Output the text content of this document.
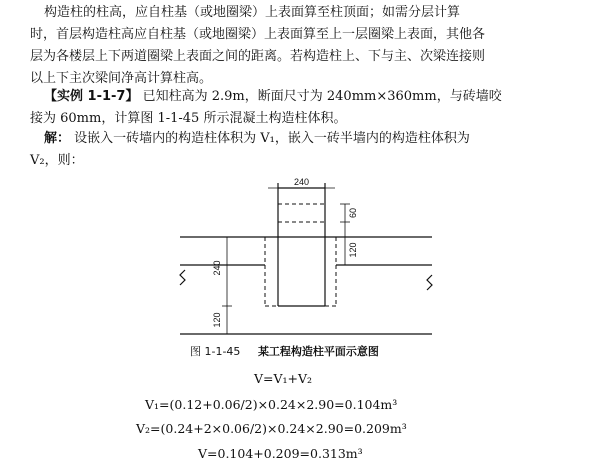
构造柱的柱高，应自柱基（或地圈梁）上表面算至柱顶面；如需分层计算
时，首层构造柱高应自柱基（或地圈梁）上表面算至上一层圈梁上表面，其他各
层为各楼层上下两道圈梁上表面之间的距离。若构造柱上、下与主、次梁连接则
以上下主次梁间净高计算柱高。
【实例 1-1-7】 已知柱高为 2.9m，断面尺寸为 240mm×360mm，与砖墙咬
接为 60mm，计算图 1-1-45 所示混凝土构造柱体积。
解： 设嵌入一砖墙内的构造柱体积为 V₁，嵌入一砖半墙内的构造柱体积为
V₂，则：
240
60
120
240
120
图 1-1-45 某工程构造柱平面示意图
V=V₁+V₂
V₁=(0.12+0.06/2)×0.24×2.90=0.104m³
V₂=(0.24+2×0.06/2)×0.24×2.90=0.209m³
V=0.104+0.209=0.313m³
